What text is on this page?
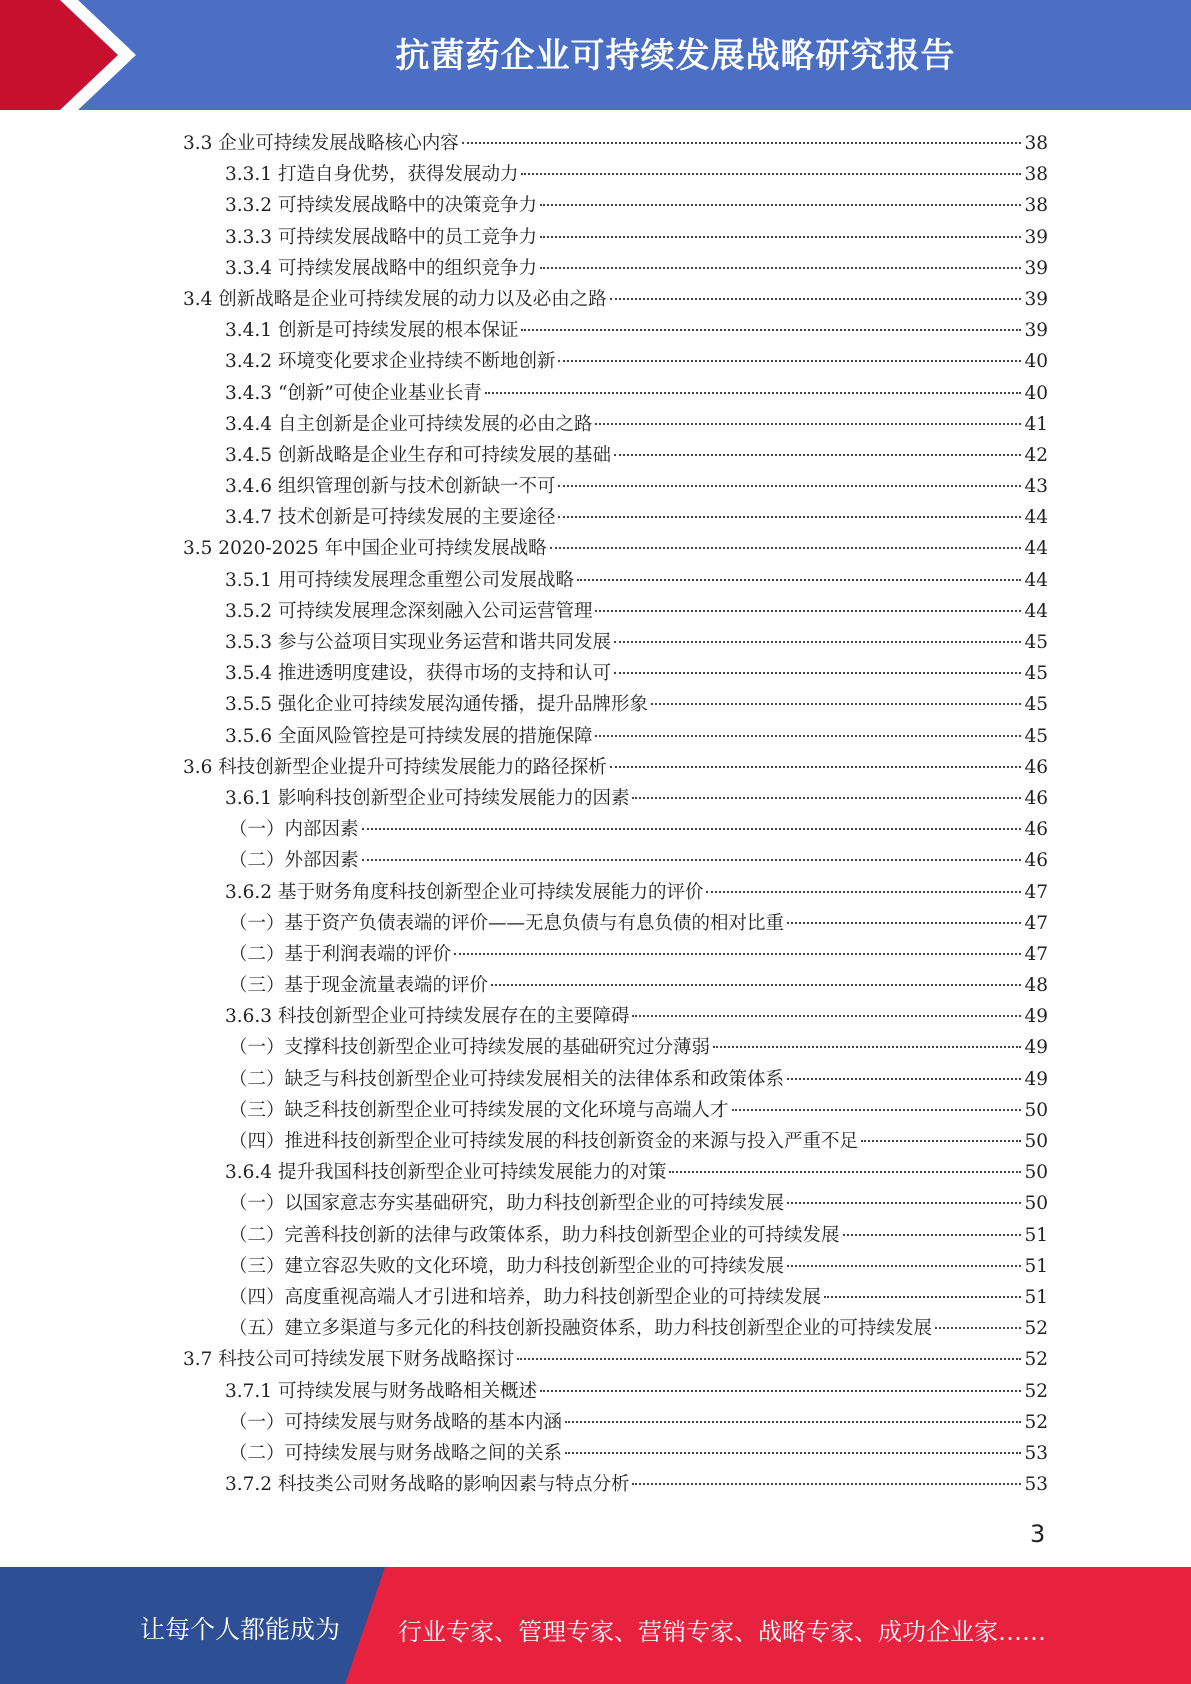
抗菌药企业可持续发展战略研究报告
3.3 企业可持续发展战略核心内容	38
3.3.1 打造自身优势，获得发展动力	38
3.3.2 可持续发展战略中的决策竞争力	38
3.3.3 可持续发展战略中的员工竞争力	39
3.3.4 可持续发展战略中的组织竞争力	39
3.4 创新战略是企业可持续发展的动力以及必由之路	39
3.4.1 创新是可持续发展的根本保证	39
3.4.2 环境变化要求企业持续不断地创新	40
3.4.3 “创新”可使企业基业长青	40
3.4.4 自主创新是企业可持续发展的必由之路	41
3.4.5 创新战略是企业生存和可持续发展的基础	42
3.4.6 组织管理创新与技术创新缺一不可	43
3.4.7 技术创新是可持续发展的主要途径	44
3.5 2020-2025 年中国企业可持续发展战略	44
3.5.1 用可持续发展理念重塑公司发展战略	44
3.5.2 可持续发展理念深刻融入公司运营管理	44
3.5.3 参与公益项目实现业务运营和谐共同发展	45
3.5.4 推进透明度建设，获得市场的支持和认可	45
3.5.5 强化企业可持续发展沟通传播，提升品牌形象	45
3.5.6 全面风险管控是可持续发展的措施保障	45
3.6 科技创新型企业提升可持续发展能力的路径探析	46
3.6.1 影响科技创新型企业可持续发展能力的因素	46
（一）内部因素	46
（二）外部因素	46
3.6.2 基于财务角度科技创新型企业可持续发展能力的评价	47
（一）基于资产负债表端的评价——无息负债与有息负债的相对比重	47
（二）基于利润表端的评价	47
（三）基于现金流量表端的评价	48
3.6.3 科技创新型企业可持续发展存在的主要障碍	49
（一）支撑科技创新型企业可持续发展的基础研究过分薄弱	49
（二）缺乏与科技创新型企业可持续发展相关的法律体系和政策体系	49
（三）缺乏科技创新型企业可持续发展的文化环境与高端人才	50
（四）推进科技创新型企业可持续发展的科技创新资金的来源与投入严重不足	50
3.6.4 提升我国科技创新型企业可持续发展能力的对策	50
（一）以国家意志夯实基础研究，助力科技创新型企业的可持续发展	50
（二）完善科技创新的法律与政策体系，助力科技创新型企业的可持续发展	51
（三）建立容忍失败的文化环境，助力科技创新型企业的可持续发展	51
（四）高度重视高端人才引进和培养，助力科技创新型企业的可持续发展	51
（五）建立多渠道与多元化的科技创新投融资体系，助力科技创新型企业的可持续发展	52
3.7 科技公司可持续发展下财务战略探讨	52
3.7.1 可持续发展与财务战略相关概述	52
（一）可持续发展与财务战略的基本内涵	52
（二）可持续发展与财务战略之间的关系	53
3.7.2 科技类公司财务战略的影响因素与特点分析	53
3
让每个人都能成为 行业专家、管理专家、营销专家、战略专家、成功企业家……
